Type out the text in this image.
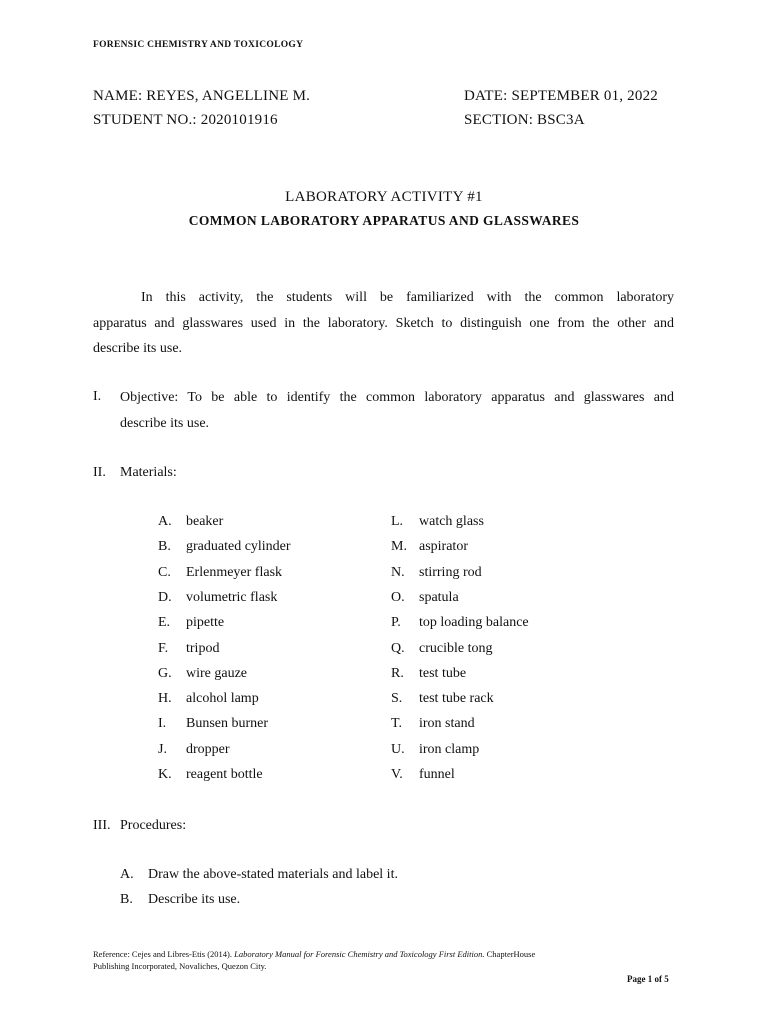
FORENSIC CHEMISTRY AND TOXICOLOGY
NAME: REYES, ANGELLINE M.	DATE: SEPTEMBER 01, 2022
STUDENT NO.: 2020101916	SECTION: BSC3A
LABORATORY ACTIVITY #1
COMMON LABORATORY APPARATUS AND GLASSWARES
In this activity, the students will be familiarized with the common laboratory
apparatus and glasswares used in the laboratory. Sketch to distinguish one from the other and
describe its use.
I. Objective: To be able to identify the common laboratory apparatus and glasswares and
describe its use.
II. Materials:
A. beaker
B. graduated cylinder
C. Erlenmeyer flask
D. volumetric flask
E. pipette
F. tripod
G. wire gauze
H. alcohol lamp
I. Bunsen burner
J. dropper
K. reagent bottle
L. watch glass
M. aspirator
N. stirring rod
O. spatula
P. top loading balance
Q. crucible tong
R. test tube
S. test tube rack
T. iron stand
U. iron clamp
V. funnel
III. Procedures:
A. Draw the above-stated materials and label it.
B. Describe its use.
Reference: Cejes and Libres-Etis (2014). Laboratory Manual for Forensic Chemistry and Toxicology First Edition. ChapterHouse
Publishing Incorporated, Novaliches, Quezon City.
Page 1 of 5
